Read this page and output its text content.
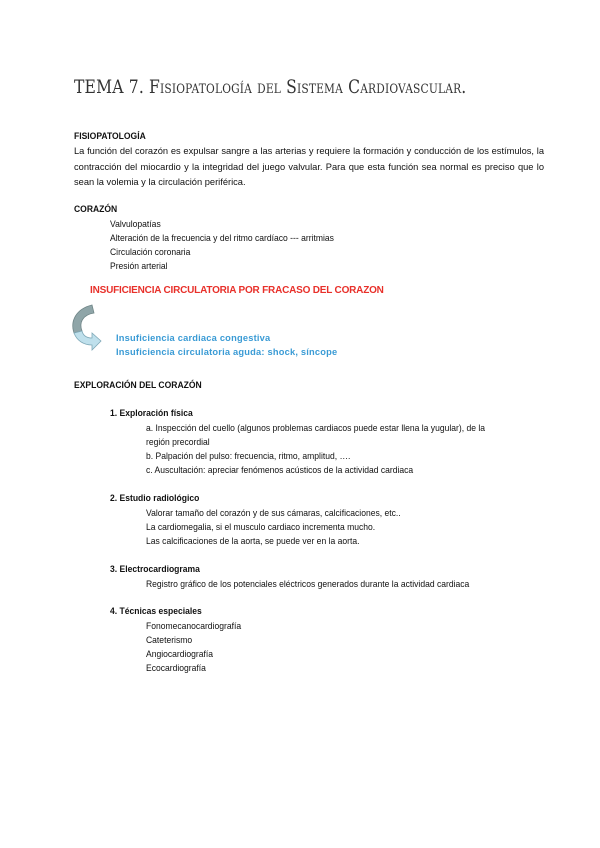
TEMA 7. Fisiopatología del Sistema Cardiovascular.
FISIOPATOLOGÍA
La función del corazón es expulsar sangre a las arterias y requiere la formación y conducción de los estímulos, la contracción del miocardio y la integridad del juego valvular. Para que esta función sea normal es preciso que lo sean la volemia y la circulación periférica.
CORAZÓN
Valvulopatías
Alteración de la frecuencia y del ritmo cardíaco --- arritmias
Circulación coronaria
Presión arterial
INSUFICIENCIA CIRCULATORIA POR FRACASO DEL CORAZON
Insuficiencia cardiaca congestiva
Insuficiencia circulatoria aguda: shock, síncope
EXPLORACIÓN DEL CORAZÓN
1. Exploración física
a. Inspección del cuello (algunos problemas cardiacos puede estar llena la yugular), de la
región precordial
b. Palpación del pulso: frecuencia, ritmo, amplitud, ….
c. Auscultación: apreciar fenómenos acústicos de la actividad cardiaca
2. Estudio radiológico
Valorar tamaño del corazón y de sus cámaras, calcificaciones, etc..
La cardiomegalia, si el musculo cardiaco incrementa mucho.
Las calcificaciones de la aorta, se puede ver en la aorta.
3. Electrocardiograma
Registro gráfico de los potenciales eléctricos generados durante la actividad cardiaca
4. Técnicas especiales
Fonomecanocardiografía
Cateterismo
Angiocardiografía
Ecocardiografía
